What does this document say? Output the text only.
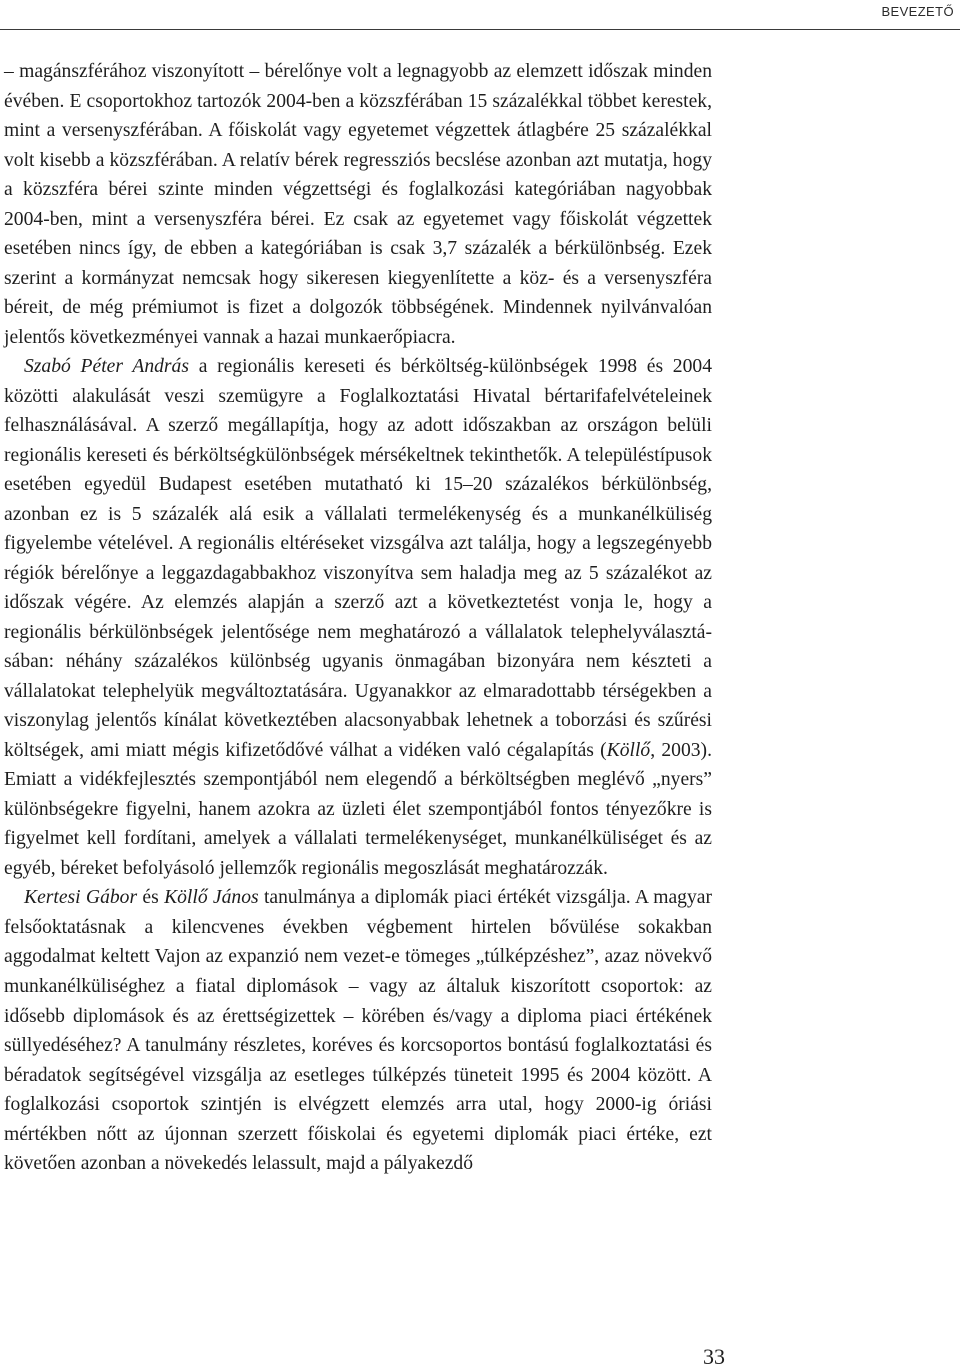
BEVEZETŐ

– magánszférához viszonyított – bérelőnye volt a legnagyobb az elemzett időszak minden évében. E csoportokhoz tartozók 2004-ben a közszférában 15 százalékkal többet kerestek, mint a versenyszférában. A főiskolát vagy egyetemet végzettek átlagbére 25 százalékkal volt kisebb a közszférában. A relatív bérek regressziós becslése azonban azt mutatja, hogy a közszféra bérei szinte minden végzettségi és foglalkozási kategóriában nagyobbak 2004-ben, mint a versenyszféra bérei. Ez csak az egyetemet vagy főiskolát végzettek esetében nincs így, de ebben a kategóriában is csak 3,7 százalék a bérkülönbség. Ezek szerint a kormányzat nemcsak hogy sikeresen kiegyenlítette a köz- és a versenyszféra béreit, de még prémiumot is fizet a dolgozók többségének. Mindennek nyilvánvalóan jelentős következményei vannak a hazai munkaerőpiacra.

Szabó Péter András a regionális kereseti és bérköltség-különbségek 1998 és 2004 közötti alakulását veszi szemügyre a Foglalkoztatási Hivatal bértarifafelvételeinek felhasználásával. A szerző megállapítja, hogy az adott időszakban az országon belüli regionális kereseti és bérköltségkülönbségek mérsékeltnek tekinthetők. A településtípusok esetében egyedül Budapest esetében mutatható ki 15–20 százalékos bérkülönbség, azonban ez is 5 százalék alá esik a vállalati termelékenység és a munkanélküliség figyelembe vételével. A regionális eltéréseket vizsgálva azt találja, hogy a legszegényebb régiók bérelőnye a leggazdagabbakhoz viszonyítva sem haladja meg az 5 százalékot az időszak végére. Az elemzés alapján a szerző azt a következtetést vonja le, hogy a regionális bérkülönbségek jelentősége nem meghatározó a vállalatok telephelyválasztásában: néhány százalékos különbség ugyanis önmagában bizonyára nem készteti a vállalatokat telephelyük megváltoztatására. Ugyanakkor az elmaradottabb térségekben a viszonylag jelentős kínálat következtében alacsonyabbak lehetnek a toborzási és szűrési költségek, ami miatt mégis kifizetődővé válhat a vidéken való cégalapítás (Köllő, 2003). Emiatt a vidékfejlesztés szempontjából nem elegendő a bérköltségben meglévő „nyers” különbségekre figyelni, hanem azokra az üzleti élet szempontjából fontos tényezőkre is figyelmet kell fordítani, amelyek a vállalati termelékenységet, munkanélküliséget és az egyéb, béreket befolyásoló jellemzők regionális megoszlását meghatározzák.

Kertesi Gábor és Köllő János tanulmánya a diplomák piaci értékét vizsgálja. A magyar felsőoktatásnak a kilencvenes években végbement hirtelen bővülése sokakban aggodalmat keltett Vajon az expanzió nem vezet-e tömeges „túlképzéshez”, azaz növekvő munkanélküliséghez a fiatal diplomások – vagy az általuk kiszorított csoportok: az idősebb diplomások és az érettségizettek – körében és/vagy a diploma piaci értékének süllyedéséhez? A tanulmány részletes, koréves és korcsoportos bontású foglalkoztatási és béradatok segítségével vizsgálja az esetleges túlképzés tüneteit 1995 és 2004 között. A foglalkozási csoportok szintjén is elvégzett elemzés arra utal, hogy 2000-ig óriási mértékben nőtt az újonnan szerzett főiskolai és egyetemi diplomák piaci értéke, ezt követően azonban a növekedés lelassult, majd a pályakezdő

33
